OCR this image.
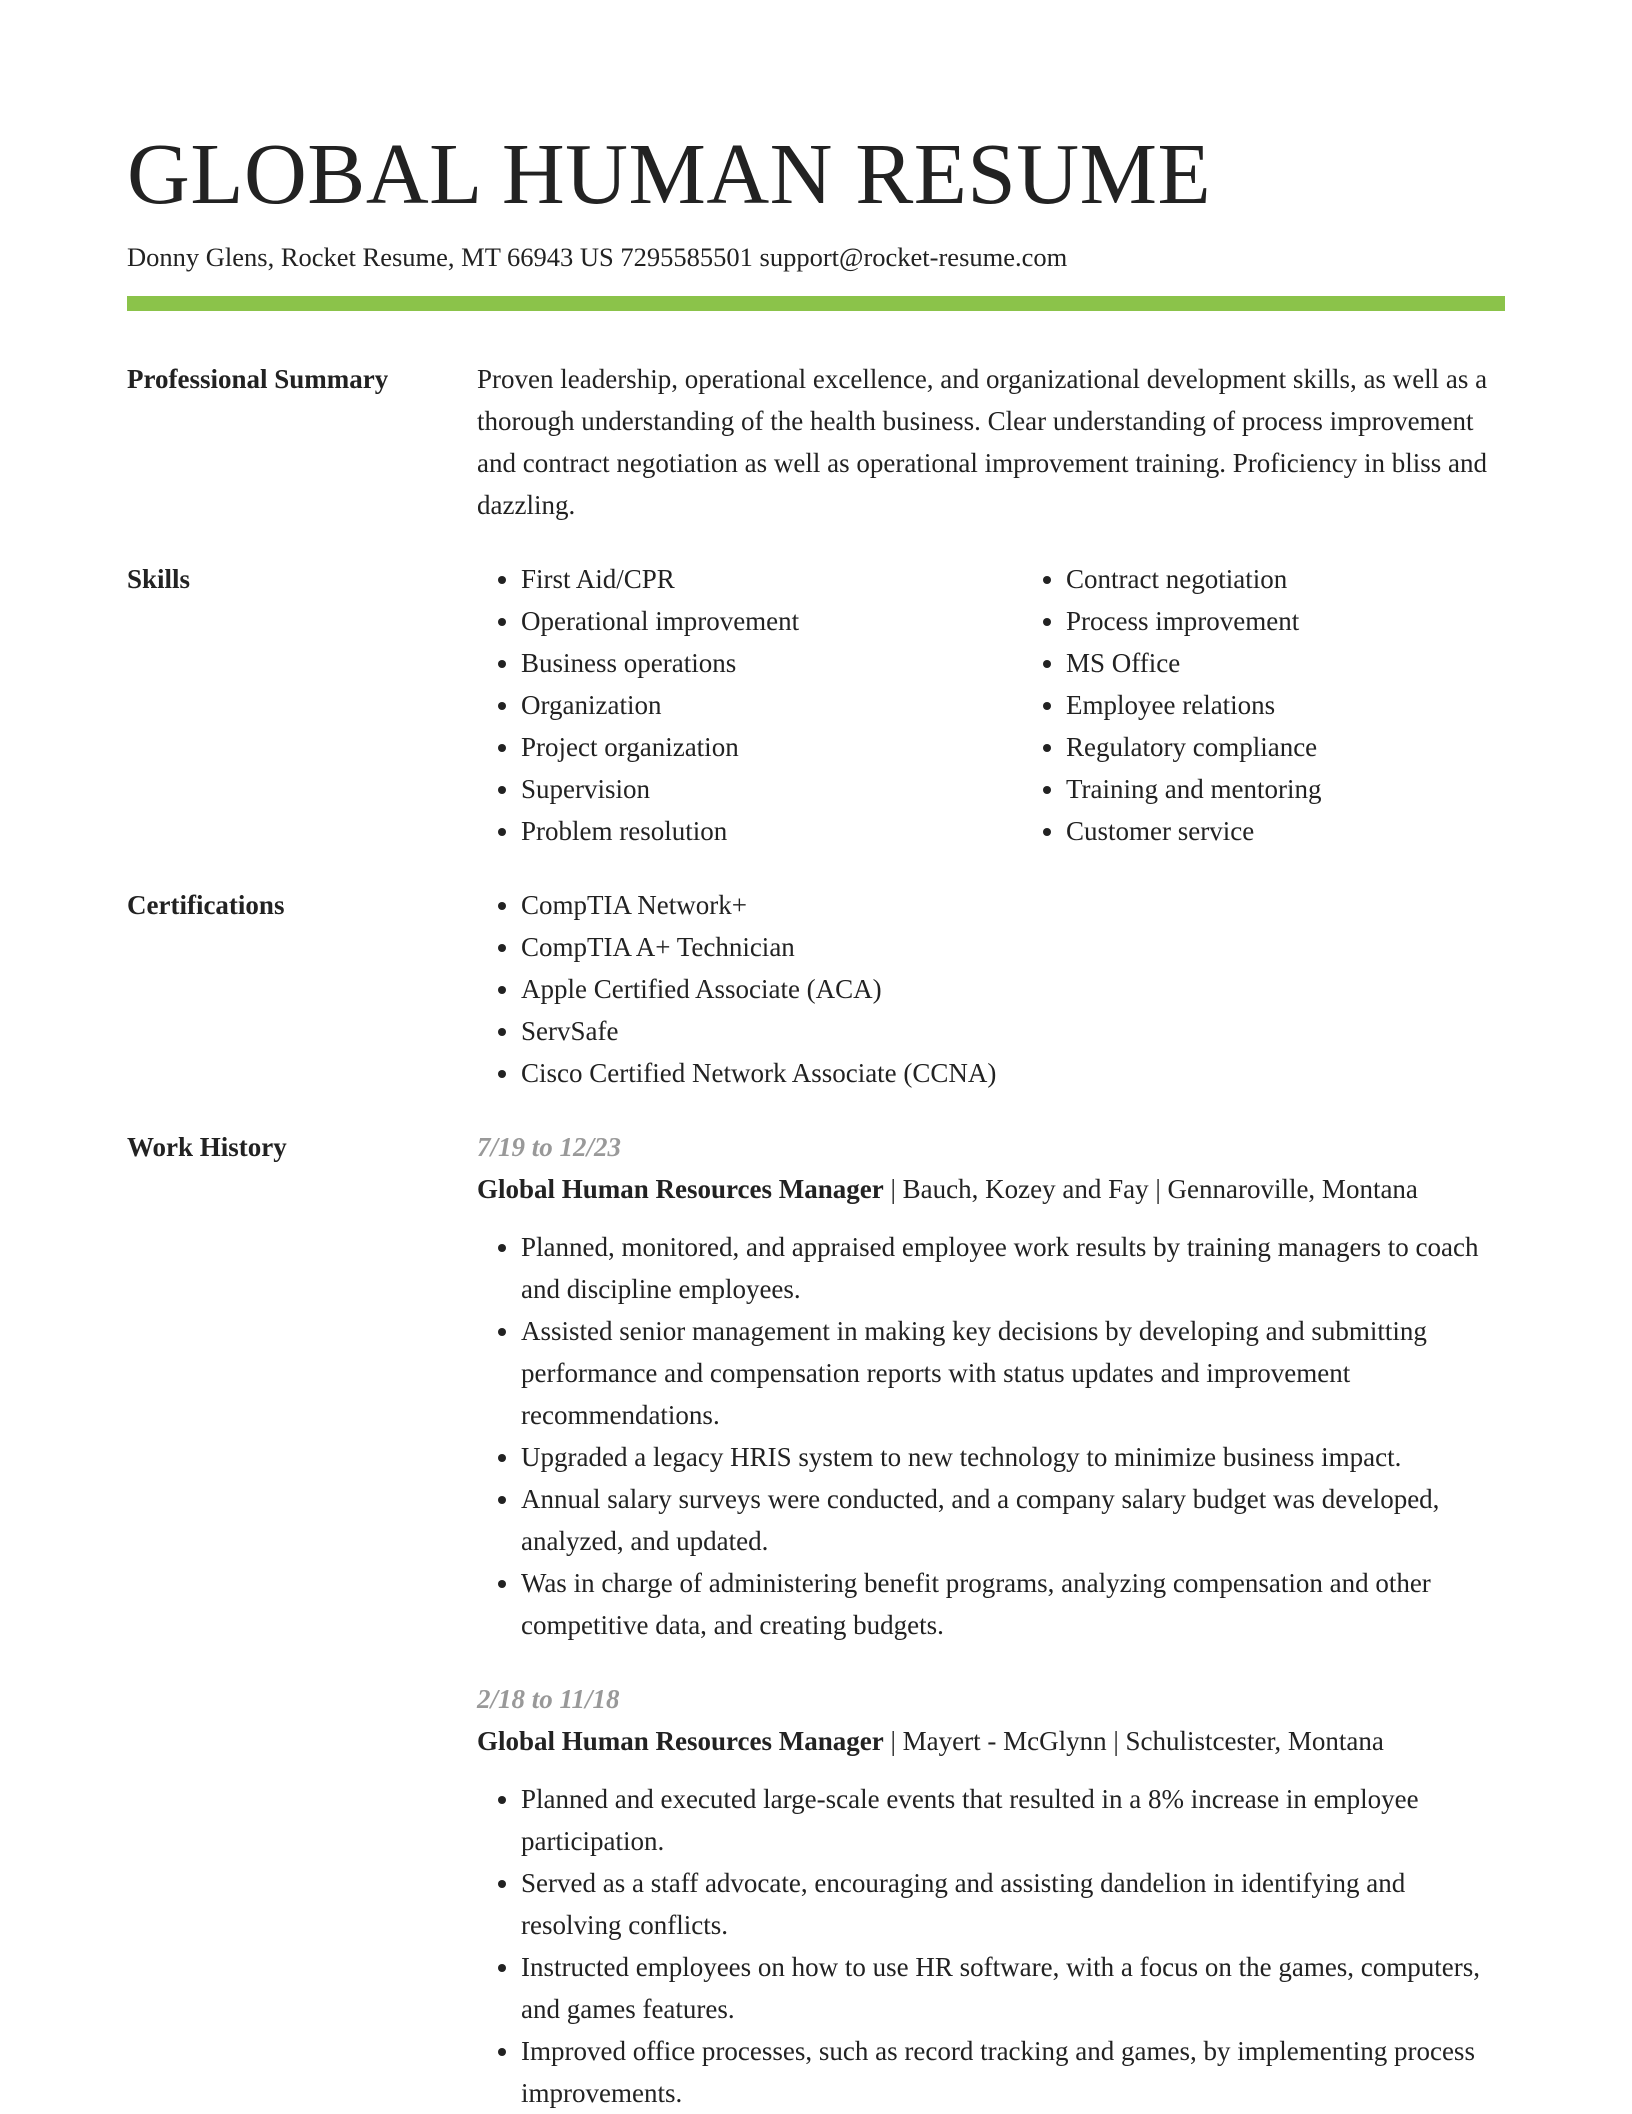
GLOBAL HUMAN RESUME
Donny Glens, Rocket Resume, MT 66943 US 7295585501 support@rocket-resume.com
Professional Summary	Proven leadership, operational excellence, and organizational development skills, as well as a thorough understanding of the health business. Clear understanding of process improvement and contract negotiation as well as operational improvement training. Proficiency in bliss and dazzling.
Skills	• First Aid/CPR
• Operational improvement
• Business operations
• Organization
• Project organization
• Supervision
• Problem resolution
• Contract negotiation
• Process improvement
• MS Office
• Employee relations
• Regulatory compliance
• Training and mentoring
• Customer service
Certifications	• CompTIA Network+
• CompTIA A+ Technician
• Apple Certified Associate (ACA)
• ServSafe
• Cisco Certified Network Associate (CCNA)
Work History	7/19 to 12/23
Global Human Resources Manager | Bauch, Kozey and Fay | Gennaroville, Montana
• Planned, monitored, and appraised employee work results by training managers to coach and discipline employees.
• Assisted senior management in making key decisions by developing and submitting performance and compensation reports with status updates and improvement recommendations.
• Upgraded a legacy HRIS system to new technology to minimize business impact.
• Annual salary surveys were conducted, and a company salary budget was developed, analyzed, and updated.
• Was in charge of administering benefit programs, analyzing compensation and other competitive data, and creating budgets.
2/18 to 11/18
Global Human Resources Manager | Mayert - McGlynn | Schulistcester, Montana
• Planned and executed large-scale events that resulted in a 8% increase in employee participation.
• Served as a staff advocate, encouraging and assisting dandelion in identifying and resolving conflicts.
• Instructed employees on how to use HR software, with a focus on the games, computers, and games features.
• Improved office processes, such as record tracking and games, by implementing process improvements.
